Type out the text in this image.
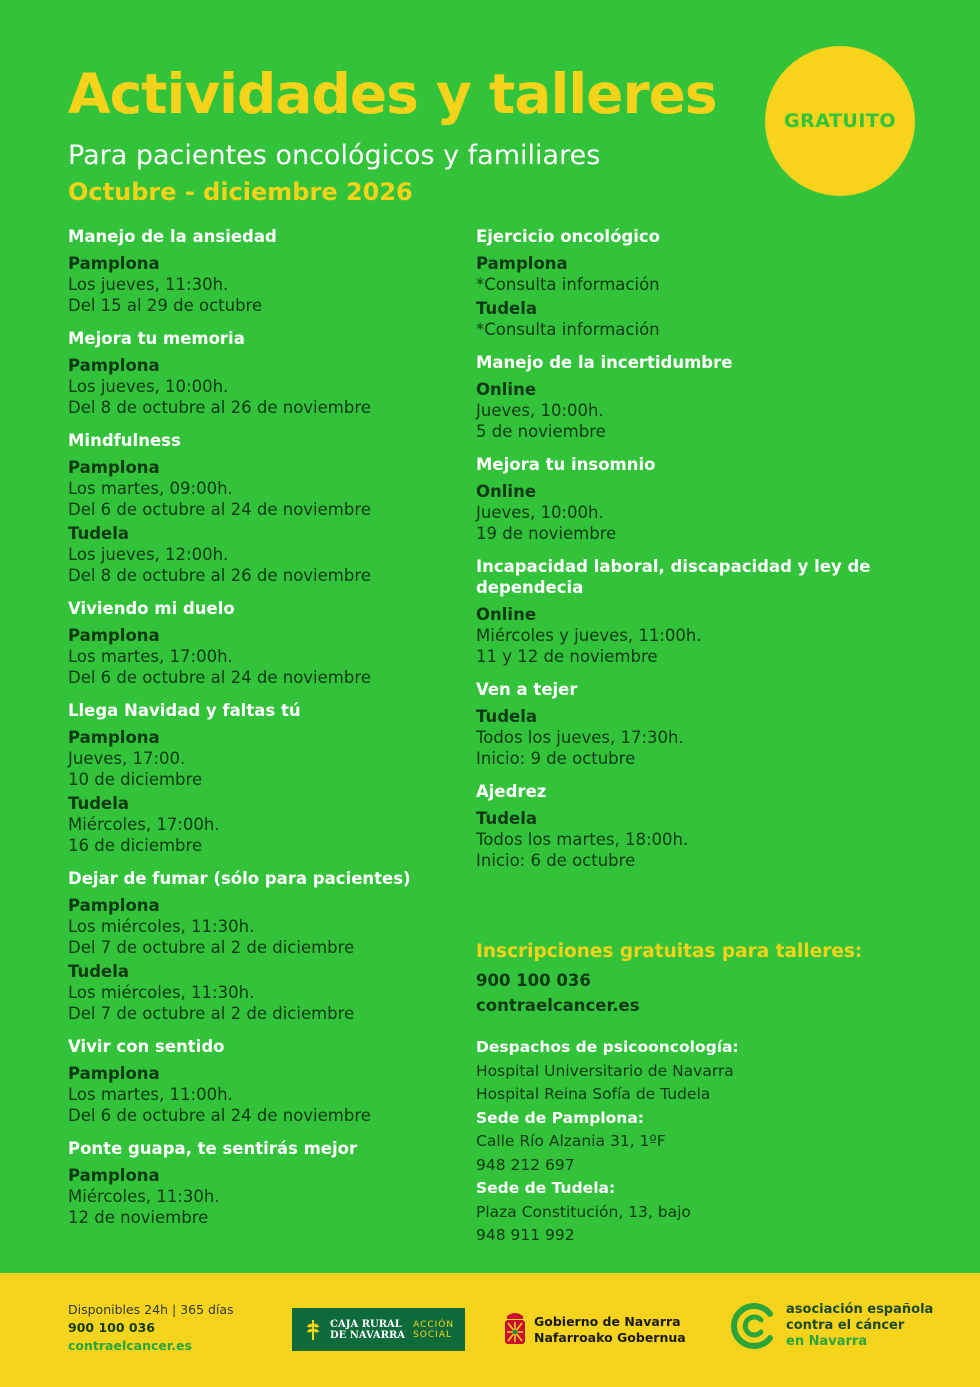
Actividades y talleres
Para pacientes oncológicos y familiares
Octubre - diciembre 2026
GRATUITO
Manejo de la ansiedad
Pamplona
Los jueves, 11:30h.
Del 15 al 29 de octubre
Mejora tu memoria
Pamplona
Los jueves, 10:00h.
Del 8 de octubre al 26 de noviembre
Mindfulness
Pamplona
Los martes, 09:00h.
Del 6 de octubre al 24 de noviembre
Tudela
Los jueves, 12:00h.
Del 8 de octubre al 26 de noviembre
Viviendo mi duelo
Pamplona
Los martes, 17:00h.
Del 6 de octubre al 24 de noviembre
Llega Navidad y faltas tú
Pamplona
Jueves, 17:00.
10 de diciembre
Tudela
Miércoles, 17:00h.
16 de diciembre
Dejar de fumar (sólo para pacientes)
Pamplona
Los miércoles, 11:30h.
Del 7 de octubre al 2 de diciembre
Tudela
Los miércoles, 11:30h.
Del 7 de octubre al 2 de diciembre
Vivir con sentido
Pamplona
Los martes, 11:00h.
Del 6 de octubre al 24 de noviembre
Ponte guapa, te sentirás mejor
Pamplona
Miércoles, 11:30h.
12 de noviembre
Ejercicio oncológico
Pamplona
*Consulta información
Tudela
*Consulta información
Manejo de la incertidumbre
Online
Jueves, 10:00h.
5 de noviembre
Mejora tu insomnio
Online
Jueves, 10:00h.
19 de noviembre
Incapacidad laboral, discapacidad y ley de dependecia
Online
Miércoles y jueves, 11:00h.
11 y 12 de noviembre
Ven a tejer
Tudela
Todos los jueves, 17:30h.
Inicio: 9 de octubre
Ajedrez
Tudela
Todos los martes, 18:00h.
Inicio: 6 de octubre
Inscripciones gratuitas para talleres:
900 100 036
contraelcancer.es
Despachos de psicooncología:
Hospital Universitario de Navarra
Hospital Reina Sofía de Tudela
Sede de Pamplona:
Calle Río Alzania 31, 1ºF
948 212 697
Sede de Tudela:
Plaza Constitución, 13, bajo
948 911 992
Disponibles 24h | 365 días
900 100 036
contraelcancer.es
CAJA RURAL
DE NAVARRA
ACCIÓN
SOCIAL
Gobierno de Navarra
Nafarroako Gobernua
asociación española
contra el cáncer
en Navarra
